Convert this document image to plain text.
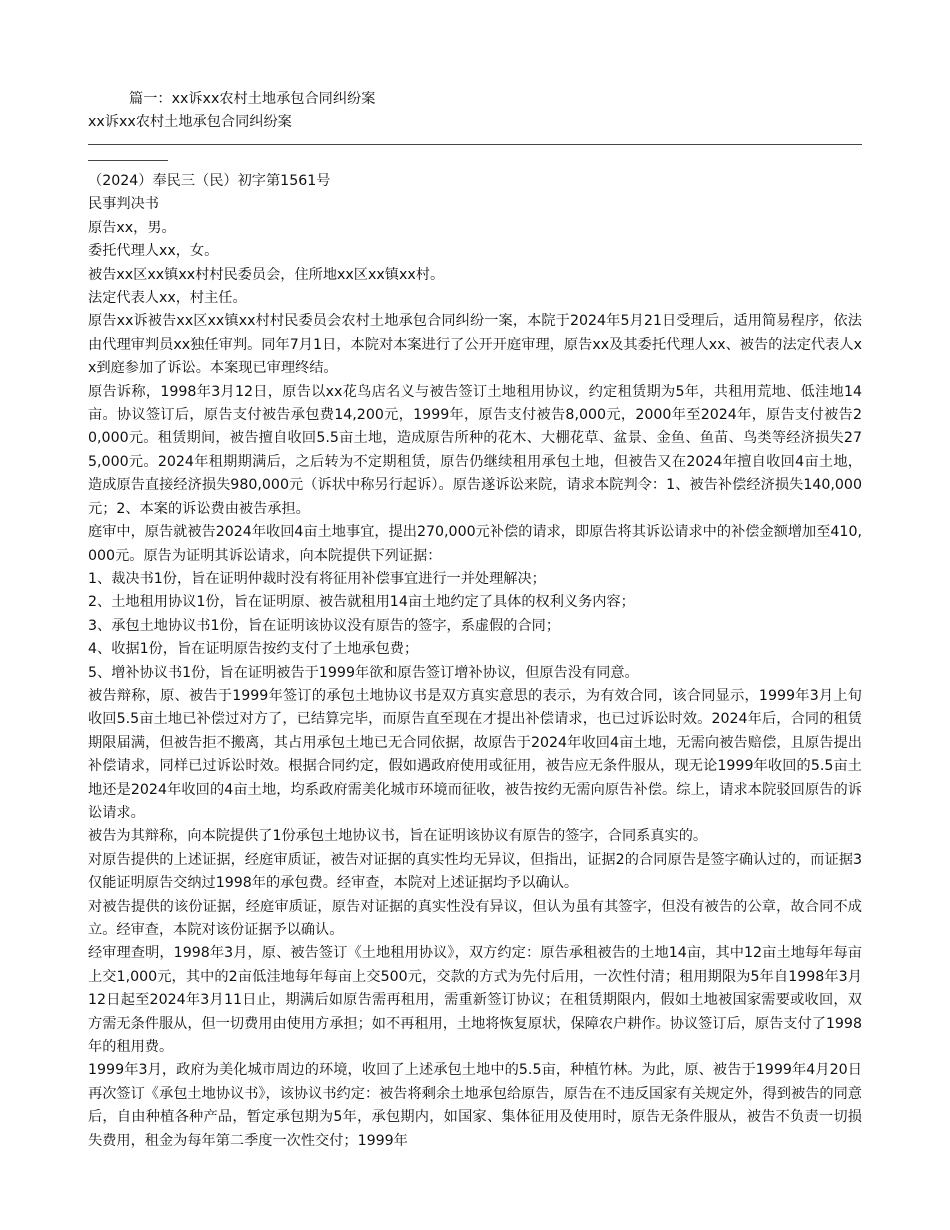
篇一：xx诉xx农村土地承包合同纠纷案
xx诉xx农村土地承包合同纠纷案

（2024）奉民三（民）初字第1561号

民事判决书

原告xx，男。

委托代理人xx，女。

被告xx区xx镇xx村村民委员会，住所地xx区xx镇xx村。

法定代表人xx，村主任。

原告xx诉被告xx区xx镇xx村村民委员会农村土地承包合同纠纷一案，本院于2024年5月21日受理后，适用简易程序，依法由代理审判员xx独任审判。同年7月1日，本院对本案进行了公开开庭审理，原告xx及其委托代理人xx、被告的法定代表人xx到庭参加了诉讼。本案现已审理终结。

原告诉称，1998年3月12日，原告以xx花鸟店名义与被告签订土地租用协议，约定租赁期为5年，共租用荒地、低洼地14亩。协议签订后，原告支付被告承包费14,200元，1999年，原告支付被告8,000元，2000年至2024年，原告支付被告20,000元。租赁期间，被告擅自收回5.5亩土地，造成原告所种的花木、大棚花草、盆景、金鱼、鱼苗、鸟类等经济损失275,000元。2024年租期期满后，之后转为不定期租赁，原告仍继续租用承包土地，但被告又在2024年擅自收回4亩土地，造成原告直接经济损失980,000元（诉状中称另行起诉）。原告遂诉讼来院，请求本院判令：1、被告补偿经济损失140,000元；2、本案的诉讼费由被告承担。

庭审中，原告就被告2024年收回4亩土地事宜，提出270,000元补偿的请求，即原告将其诉讼请求中的补偿金额增加至410,000元。原告为证明其诉讼请求，向本院提供下列证据：

1、裁决书1份，旨在证明仲裁时没有将征用补偿事宜进行一并处理解决；

2、土地租用协议1份，旨在证明原、被告就租用14亩土地约定了具体的权利义务内容；

3、承包土地协议书1份，旨在证明该协议没有原告的签字，系虚假的合同；

4、收据1份，旨在证明原告按约支付了土地承包费；

5、增补协议书1份，旨在证明被告于1999年欲和原告签订增补协议，但原告没有同意。

被告辩称，原、被告于1999年签订的承包土地协议书是双方真实意思的表示，为有效合同，该合同显示，1999年3月上旬收回5.5亩土地已补偿过对方了，已结算完毕，而原告直至现在才提出补偿请求，也已过诉讼时效。2024年后，合同的租赁期限届满，但被告拒不搬离，其占用承包土地已无合同依据，故原告于2024年收回4亩土地，无需向被告赔偿，且原告提出补偿请求，同样已过诉讼时效。根据合同约定，假如遇政府使用或征用，被告应无条件服从，现无论1999年收回的5.5亩土地还是2024年收回的4亩土地，均系政府需美化城市环境而征收，被告按约无需向原告补偿。综上，请求本院驳回原告的诉讼请求。

被告为其辩称，向本院提供了1份承包土地协议书，旨在证明该协议有原告的签字，合同系真实的。

对原告提供的上述证据，经庭审质证，被告对证据的真实性均无异议，但指出，证据2的合同原告是签字确认过的，而证据3仅能证明原告交纳过1998年的承包费。经审查，本院对上述证据均予以确认。

对被告提供的该份证据，经庭审质证，原告对证据的真实性没有异议，但认为虽有其签字，但没有被告的公章，故合同不成立。经审查，本院对该份证据予以确认。

经审理查明，1998年3月，原、被告签订《土地租用协议》，双方约定：原告承租被告的土地14亩，其中12亩土地每年每亩上交1,000元，其中的2亩低洼地每年每亩上交500元，交款的方式为先付后用，一次性付清；租用期限为5年自1998年3月12日起至2024年3月11日止，期满后如原告需再租用，需重新签订协议；在租赁期限内，假如土地被国家需要或收回，双方需无条件服从，但一切费用由使用方承担；如不再租用，土地将恢复原状，保障农户耕作。协议签订后，原告支付了1998年的租用费。

1999年3月，政府为美化城市周边的环境，收回了上述承包土地中的5.5亩，种植竹林。为此，原、被告于1999年4月20日再次签订《承包土地协议书》，该协议书约定：被告将剩余土地承包给原告，原告在不违反国家有关规定外，得到被告的同意后，自由种植各种产品，暂定承包期为5年，承包期内，如国家、集体征用及使用时，原告无条件服从，被告不负责一切损失费用，租金为每年第二季度一次性交付；1999年
